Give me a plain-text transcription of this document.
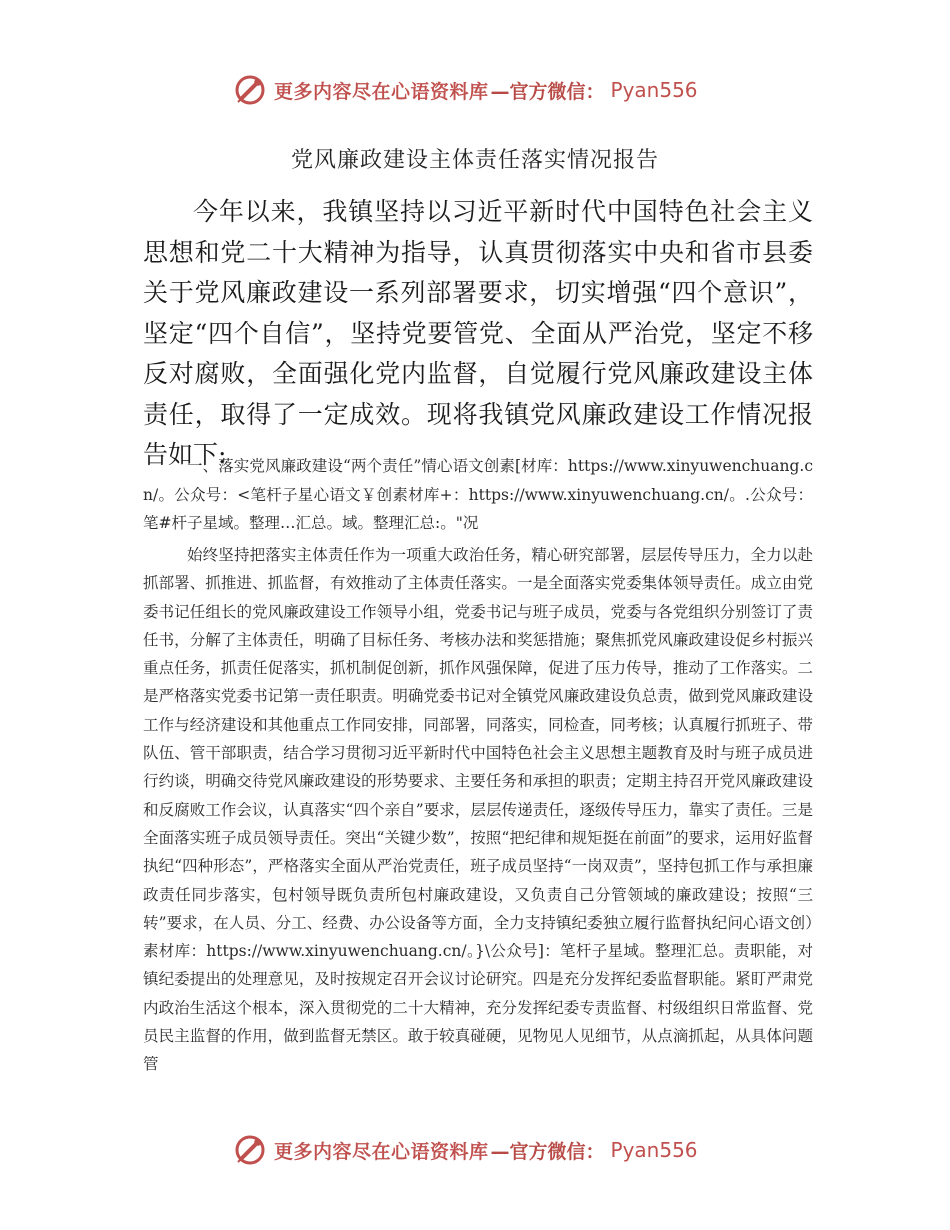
更多内容尽在心语资料库 —官方微信： Pyan556
党风廉政建设主体责任落实情况报告

今年以来，我镇坚持以习近平新时代中国特色社会主义思想和党二十大精神为指导，认真贯彻落实中央和省市县委关于党风廉政建设一系列部署要求，切实增强“四个意识”，坚定“四个自信”，坚持党要管党、全面从严治党，坚定不移反对腐败，全面强化党内监督，自觉履行党风廉政建设主体责任，取得了一定成效。现将我镇党风廉政建设工作情况报告如下:

一、落实党风廉政建设“两个责任”情心语文创素[材库：https://www.xinyuwenchuang.cn/。公众号：<笔杆子星心语文￥创素材库+：https://www.xinyuwenchuang.cn/。.公众号：笔#杆子星域。整理…汇总。域。整理汇总:。"况

始终坚持把落实主体责任作为一项重大政治任务，精心研究部署，层层传导压力，全力以赴抓部署、抓推进、抓监督，有效推动了主体责任落实。一是全面落实党委集体领导责任。成立由党委书记任组长的党风廉政建设工作领导小组，党委书记与班子成员，党委与各党组织分别签订了责任书，分解了主体责任，明确了目标任务、考核办法和奖惩措施；聚焦抓党风廉政建设促乡村振兴重点任务，抓责任促落实，抓机制促创新，抓作风强保障，促进了压力传导，推动了工作落实。二是严格落实党委书记第一责任职责。明确党委书记对全镇党风廉政建设负总责，做到党风廉政建设工作与经济建设和其他重点工作同安排，同部署，同落实，同检查，同考核；认真履行抓班子、带队伍、管干部职责，结合学习贯彻习近平新时代中国特色社会主义思想主题教育及时与班子成员进行约谈，明确交待党风廉政建设的形势要求、主要任务和承担的职责；定期主持召开党风廉政建设和反腐败工作会议，认真落实“四个亲自”要求，层层传递责任，逐级传导压力，靠实了责任。三是全面落实班子成员领导责任。突出“关键少数”，按照“把纪律和规矩挺在前面”的要求，运用好监督执纪“四种形态”，严格落实全面从严治党责任，班子成员坚持“一岗双责”，坚持包抓工作与承担廉政责任同步落实，包村领导既负责所包村廉政建设，又负责自己分管领域的廉政建设；按照“三转”要求，在人员、分工、经费、办公设备等方面，全力支持镇纪委独立履行监督执纪问心语文创）素材库：https://www.xinyuwenchuang.cn/。}\公众号]：笔杆子星域。整理汇总。责职能，对镇纪委提出的处理意见，及时按规定召开会议讨论研究。四是充分发挥纪委监督职能。紧盯严肃党内政治生活这个根本，深入贯彻党的二十大精神，充分发挥纪委专责监督、村级组织日常监督、党员民主监督的作用，做到监督无禁区。敢于较真碰硬，见物见人见细节，从点滴抓起，从具体问题管

更多内容尽在心语资料库 —官方微信： Pyan556
